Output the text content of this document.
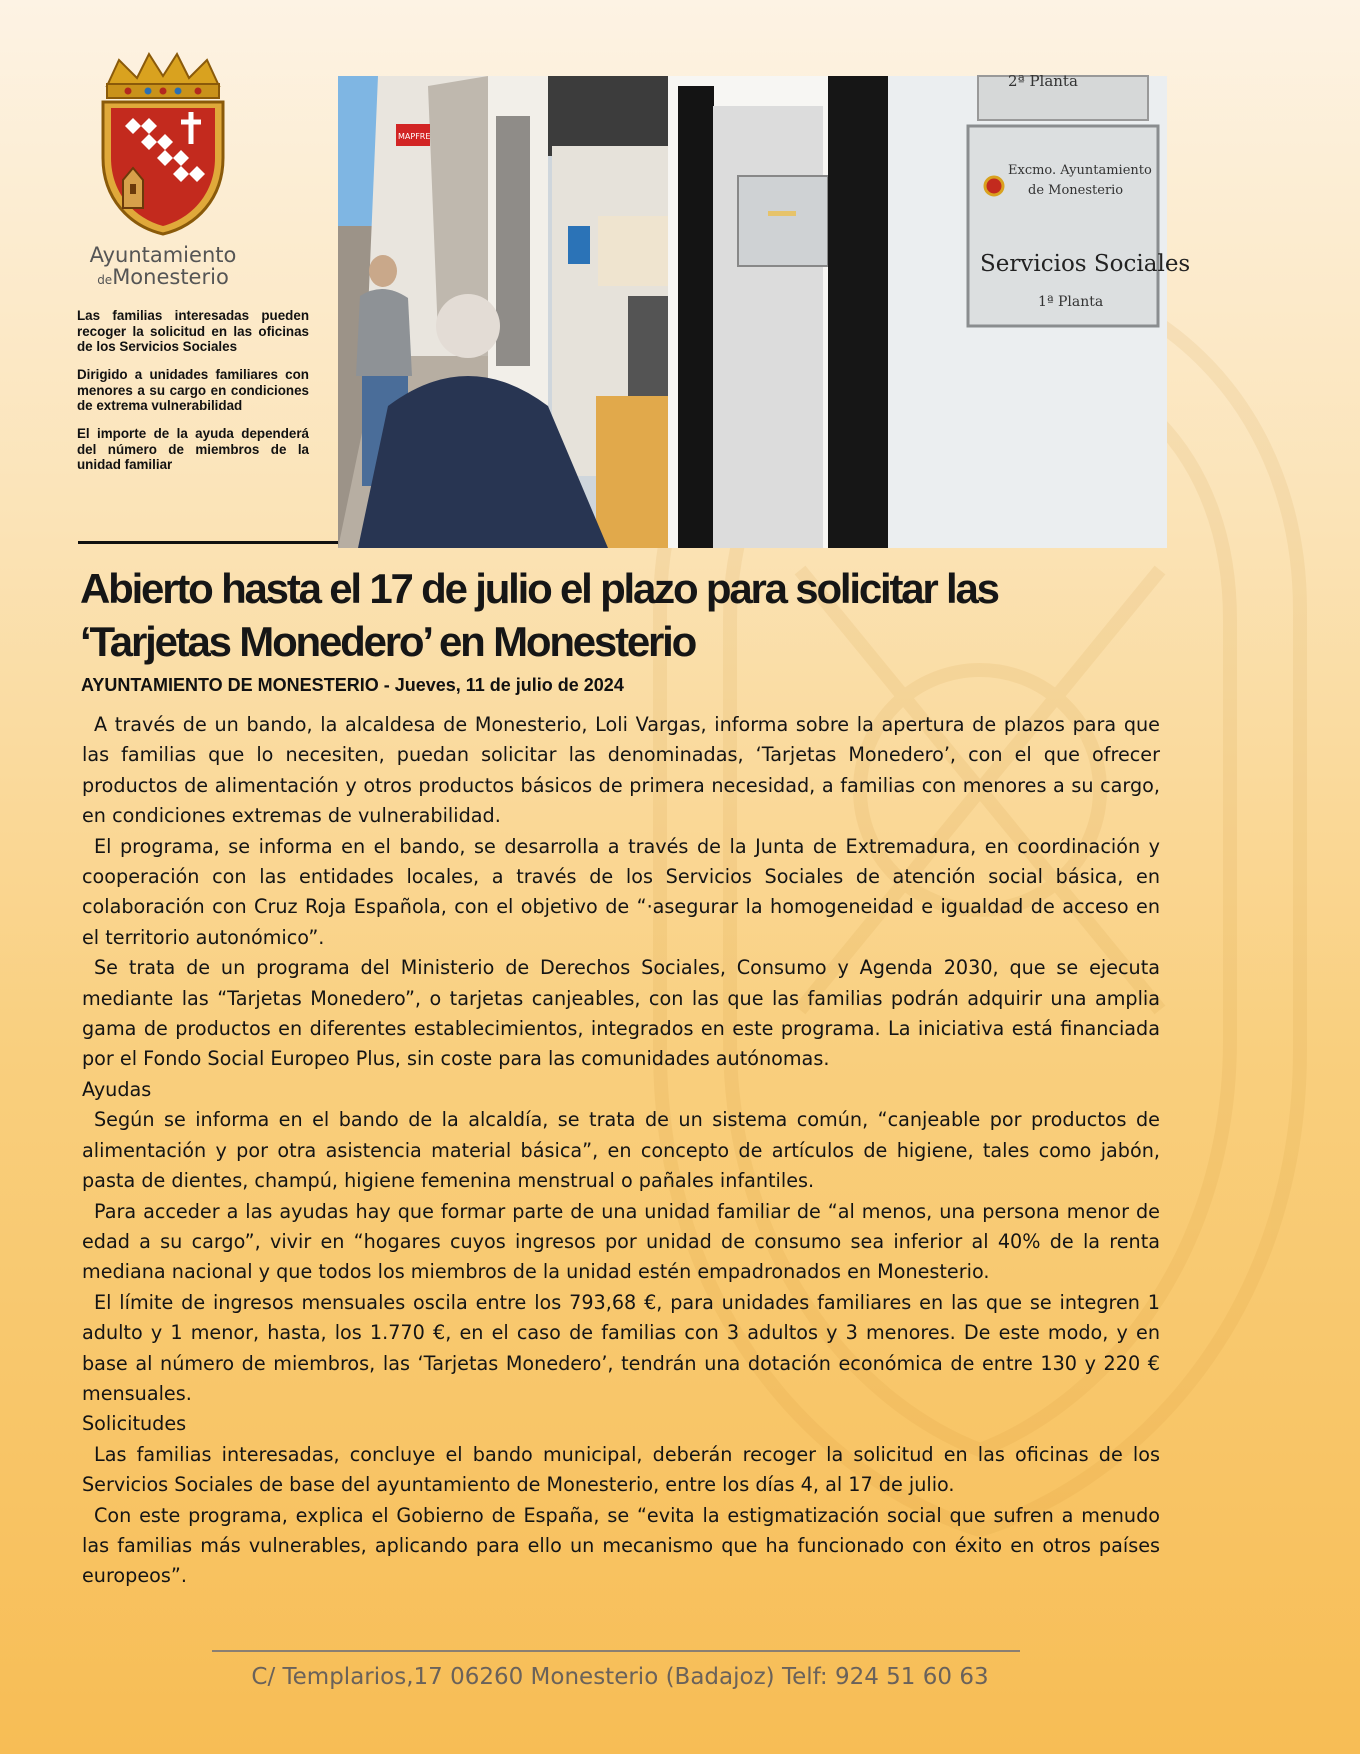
Ayuntamiento
deMonesterio

Las familias interesadas pueden recoger la solicitud en las oficinas de los Servicios Sociales

Dirigido a unidades familiares con menores a su cargo en condiciones de extrema vulnerabilidad

El importe de la ayuda dependerá del número de miembros de la unidad familiar

MAPFRE
2ª Planta
Excmo. Ayuntamiento
de Monesterio
Servicios Sociales
1ª Planta
Abierto hasta el 17 de julio el plazo para solicitar las
‘Tarjetas Monedero’ en Monesterio

AYUNTAMIENTO DE MONESTERIO - Jueves, 11 de julio de 2024

A través de un bando, la alcaldesa de Monesterio, Loli Vargas, informa sobre la apertura de plazos para que las familias que lo necesiten, puedan solicitar las denominadas, ‘Tarjetas Monedero’, con el que ofrecer productos de alimentación y otros productos básicos de primera necesidad, a familias con menores a su cargo, en condiciones extremas de vulnerabilidad.

El programa, se informa en el bando, se desarrolla a través de la Junta de Extremadura, en coordinación y cooperación con las entidades locales, a través de los Servicios Sociales de atención social básica, en colaboración con Cruz Roja Española, con el objetivo de “·asegurar la homogeneidad e igualdad de acceso en el territorio autonómico”.

Se trata de un programa del Ministerio de Derechos Sociales, Consumo y Agenda 2030, que se ejecuta mediante las “Tarjetas Monedero”, o tarjetas canjeables, con las que las familias podrán adquirir una amplia gama de productos en diferentes establecimientos, integrados en este programa. La iniciativa está financiada por el Fondo Social Europeo Plus, sin coste para las comunidades autónomas.

Ayudas

Según se informa en el bando de la alcaldía, se trata de un sistema común, “canjeable por productos de alimentación y por otra asistencia material básica”, en concepto de artículos de higiene, tales como jabón, pasta de dientes, champú, higiene femenina menstrual o pañales infantiles.

Para acceder a las ayudas hay que formar parte de una unidad familiar de “al menos, una persona menor de edad a su cargo”, vivir en “hogares cuyos ingresos por unidad de consumo sea inferior al 40% de la renta mediana nacional y que todos los miembros de la unidad estén empadronados en Monesterio.

El límite de ingresos mensuales oscila entre los 793,68 €, para unidades familiares en las que se integren 1 adulto y 1 menor, hasta, los 1.770 €, en el caso de familias con 3 adultos y 3 menores. De este modo, y en base al número de miembros, las ‘Tarjetas Monedero’, tendrán una dotación económica de entre 130 y 220 € mensuales.

Solicitudes

Las familias interesadas, concluye el bando municipal, deberán recoger la solicitud en las oficinas de los Servicios Sociales de base del ayuntamiento de Monesterio, entre los días 4, al 17 de julio.

Con este programa, explica el Gobierno de España, se “evita la estigmatización social que sufren a menudo las familias más vulnerables, aplicando para ello un mecanismo que ha funcionado con éxito en otros países europeos”.

C/ Templarios,17 06260 Monesterio (Badajoz) Telf: 924 51 60 63
